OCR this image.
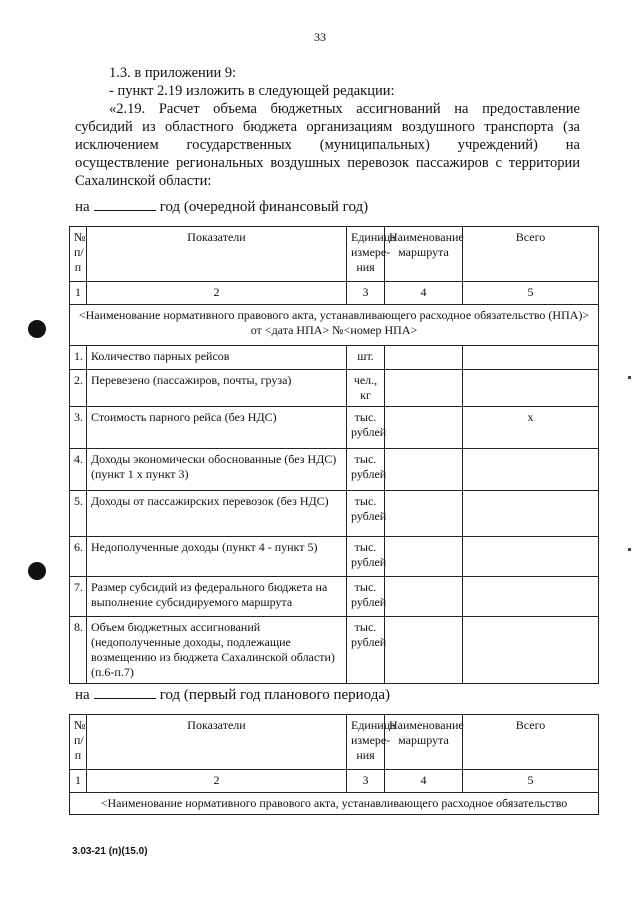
33

1.3. в приложении 9:

- пункт 2.19 изложить в следующей редакции:

«2.19. Расчет объема бюджетных ассигнований на предоставление субсидий из областного бюджета организациям воздушного транспорта (за исключением государственных (муниципальных) учреждений) на осуществление региональных воздушных перевозок пассажиров с территории Сахалинской области:

на	год (очередной финансовый год)
№ п/п	Показатели	Единица измере-ния	Наименование маршрута	Всего
1	2	3	4	5
<Наименование нормативного правового акта, устанавливающего расходное обязательство (НПА)> от <дата НПА> №<номер НПА>				
1.	Количество парных рейсов	шт.		
2.	Перевезено (пассажиров, почты, груза)	чел., кг		
3.	Стоимость парного рейса (без НДС)	тыс. рублей		х
4.	Доходы экономически обоснованные (без НДС) (пункт 1 х пункт 3)	тыс. рублей		
5.	Доходы от пассажирских перевозок (без НДС)	тыс. рублей		
6.	Недополученные доходы (пункт 4 - пункт 5)	тыс. рублей		
7.	Размер субсидий из федерального бюджета на выполнение субсидируемого маршрута	тыс. рублей		
8.	Объем бюджетных ассигнований (недополученные доходы, подлежащие возмещению из бюджета Сахалинской области) (п.6-п.7)	тыс. рублей		
на	год (первый год планового периода)
№ п/п	Показатели	Единица измере-ния	Наименование маршрута	Всего
1	2	3	4	5
<Наименование нормативного правового акта, устанавливающего расходное обязательство				
3.03-21 (п)(15.0)
